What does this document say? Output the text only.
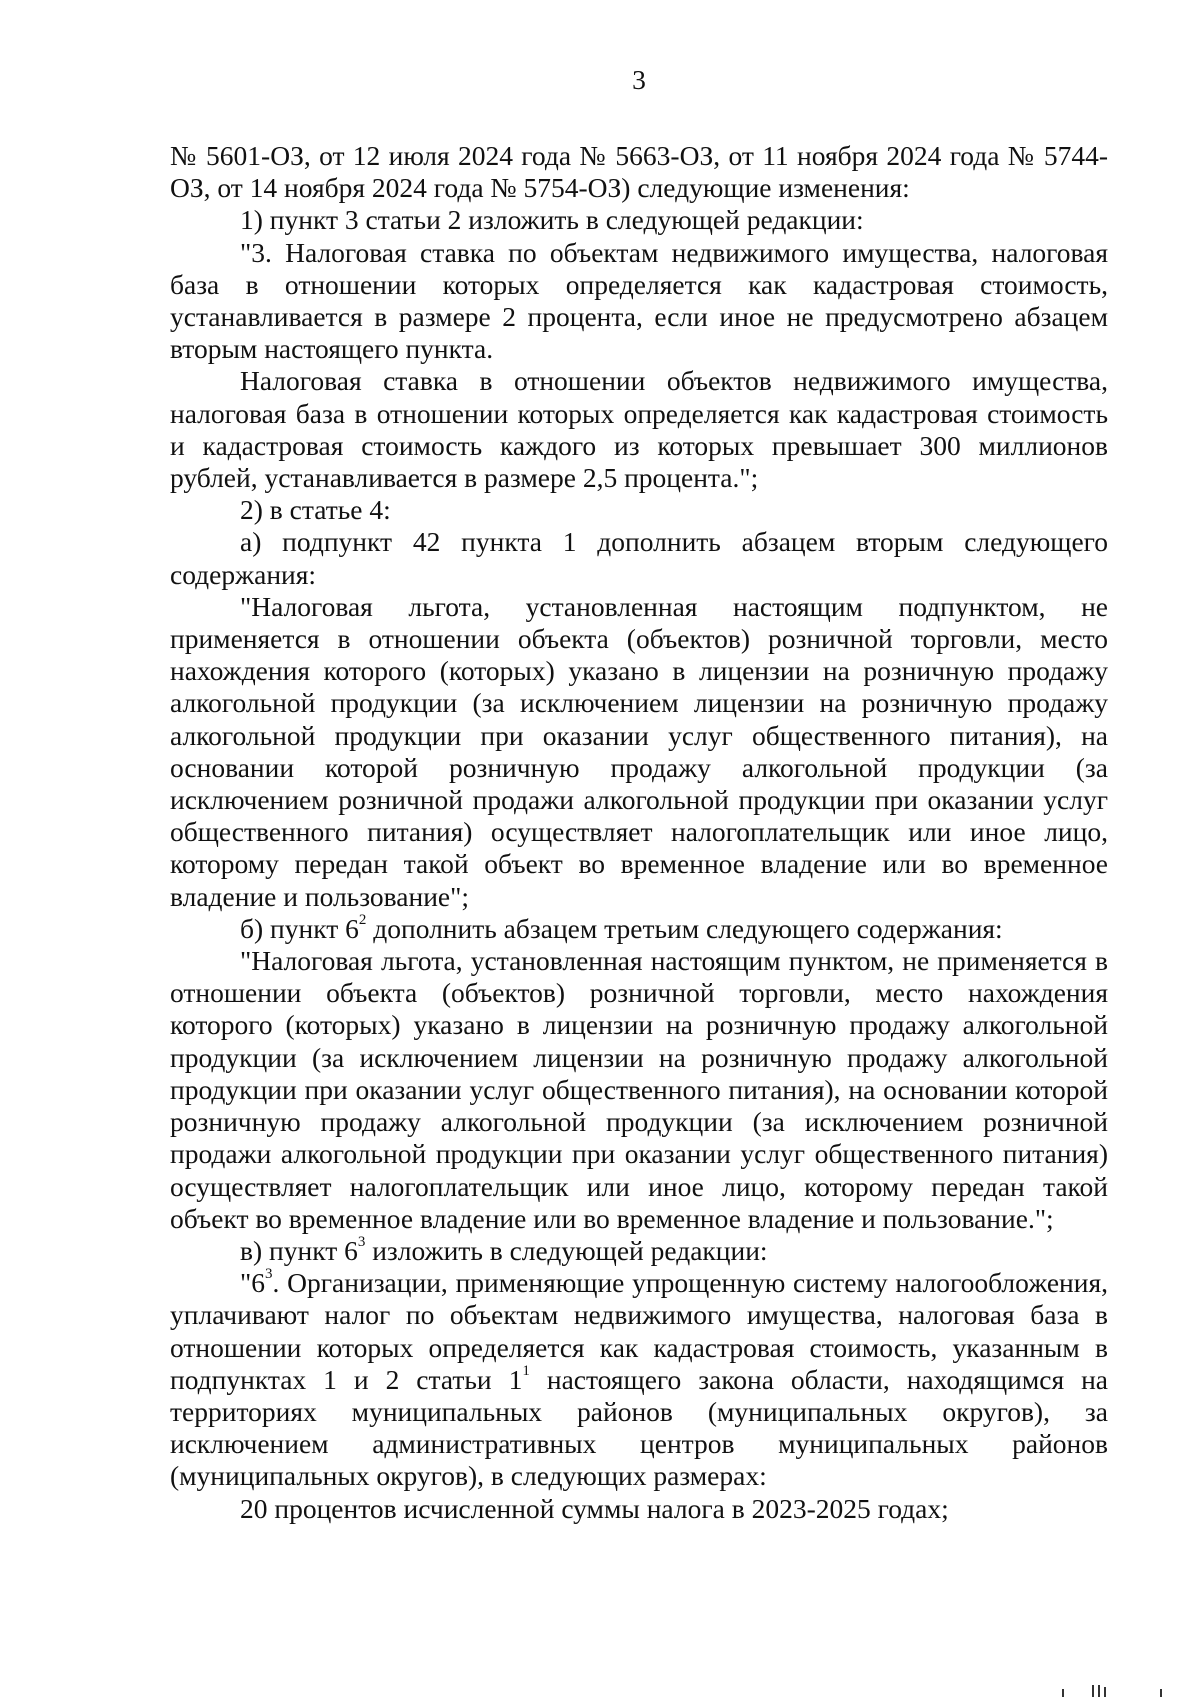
3

№ 5601-ОЗ, от 12 июля 2024 года № 5663-ОЗ, от 11 ноября 2024 года № 5744-ОЗ, от 14 ноября 2024 года № 5754-ОЗ) следующие изменения:

1) пункт 3 статьи 2 изложить в следующей редакции:

"3. Налоговая ставка по объектам недвижимого имущества, налоговая база в отношении которых определяется как кадастровая стоимость, устанавливается в размере 2 процента, если иное не предусмотрено абзацем вторым настоящего пункта.

Налоговая ставка в отношении объектов недвижимого имущества, налоговая база в отношении которых определяется как кадастровая стоимость и кадастровая стоимость каждого из которых превышает 300 миллионов рублей, устанавливается в размере 2,5 процента.";

2) в статье 4:

а) подпункт 42 пункта 1 дополнить абзацем вторым следующего содержания:

"Налоговая льгота, установленная настоящим подпунктом, не применяется в отношении объекта (объектов) розничной торговли, место нахождения которого (которых) указано в лицензии на розничную продажу алкогольной продукции (за исключением лицензии на розничную продажу алкогольной продукции при оказании услуг общественного питания), на основании которой розничную продажу алкогольной продукции (за исключением розничной продажи алкогольной продукции при оказании услуг общественного питания) осуществляет налогоплательщик или иное лицо, которому передан такой объект во временное владение или во временное владение и пользование";

б) пункт $6^2$ дополнить абзацем третьим следующего содержания:

"Налоговая льгота, установленная настоящим пунктом, не применяется в отношении объекта (объектов) розничной торговли, место нахождения которого (которых) указано в лицензии на розничную продажу алкогольной продукции (за исключением лицензии на розничную продажу алкогольной продукции при оказании услуг общественного питания), на основании которой розничную продажу алкогольной продукции (за исключением розничной продажи алкогольной продукции при оказании услуг общественного питания) осуществляет налогоплательщик или иное лицо, которому передан такой объект во временное владение или во временное владение и пользование.";

в) пункт $6^3$ изложить в следующей редакции:

"$6^3$. Организации, применяющие упрощенную систему налогообложения, уплачивают налог по объектам недвижимого имущества, налоговая база в отношении которых определяется как кадастровая стоимость, указанным в подпунктах 1 и 2 статьи $1^1$ настоящего закона области, находящимся на территориях муниципальных районов (муниципальных округов), за исключением административных центров муниципальных районов (муниципальных округов), в следующих размерах:

20 процентов исчисленной суммы налога в 2023-2025 годах;
